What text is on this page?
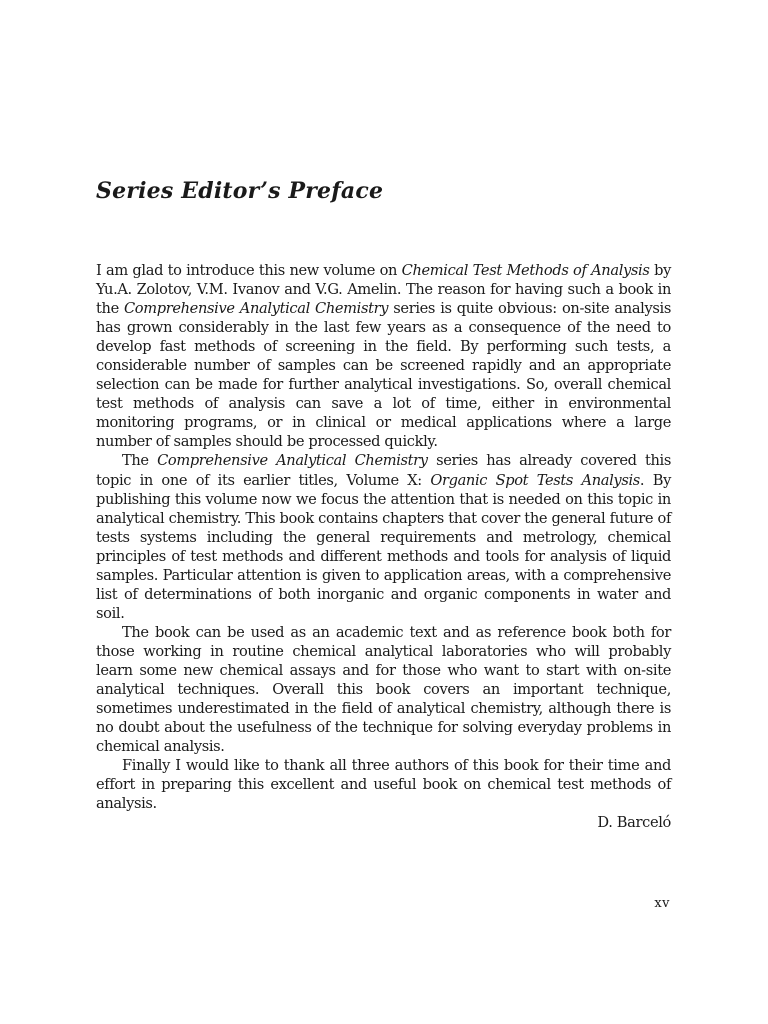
Series Editor’s Preface

I am glad to introduce this new volume on Chemical Test Methods of Analysis by Yu.A. Zolotov, V.M. Ivanov and V.G. Amelin. The reason for having such a book in the Comprehensive Analytical Chemistry series is quite obvious: on-site analysis has grown considerably in the last few years as a consequence of the need to develop fast methods of screening in the field. By performing such tests, a considerable number of samples can be screened rapidly and an appropriate selection can be made for further analytical investigations. So, overall chemical test methods of analysis can save a lot of time, either in environmental monitoring programs, or in clinical or medical applications where a large number of samples should be processed quickly.

The Comprehensive Analytical Chemistry series has already covered this topic in one of its earlier titles, Volume X: Organic Spot Tests Analysis. By publishing this volume now we focus the attention that is needed on this topic in analytical chemistry. This book contains chapters that cover the general future of tests systems including the general requirements and metrology, chemical principles of test methods and different methods and tools for analysis of liquid samples. Particular attention is given to application areas, with a comprehensive list of determinations of both inorganic and organic components in water and soil.

The book can be used as an academic text and as reference book both for those working in routine chemical analytical laboratories who will probably learn some new chemical assays and for those who want to start with on-site analytical techniques. Overall this book covers an important technique, sometimes underestimated in the field of analytical chemistry, although there is no doubt about the usefulness of the technique for solving everyday problems in chemical analysis.

Finally I would like to thank all three authors of this book for their time and effort in preparing this excellent and useful book on chemical test methods of analysis.

D. Barceló

xv
